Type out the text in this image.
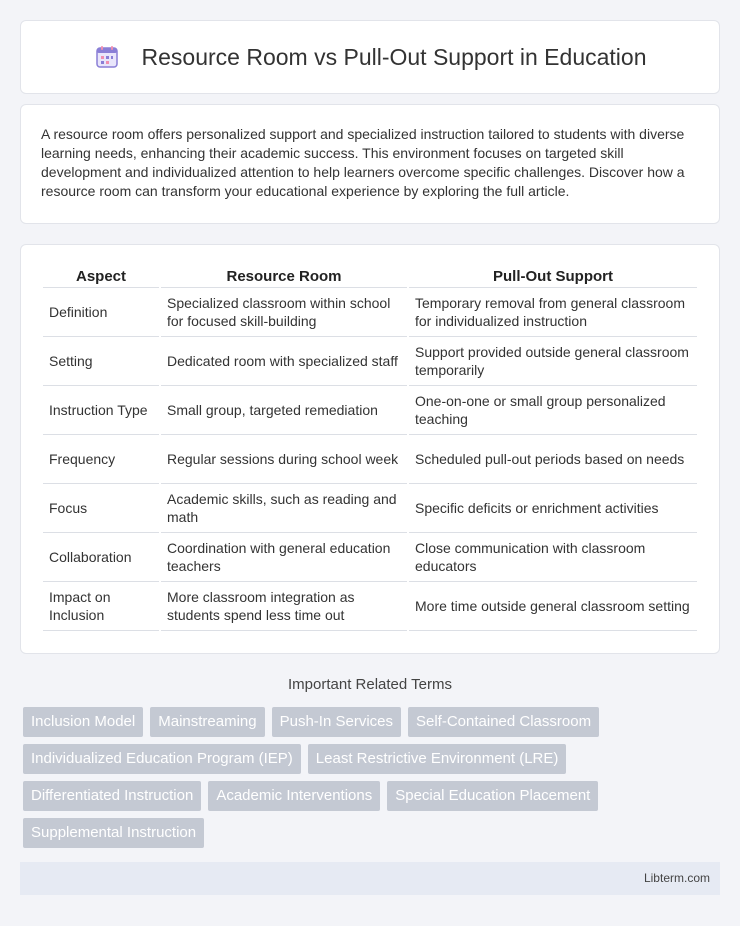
Resource Room vs Pull-Out Support in Education

A resource room offers personalized support and specialized instruction tailored to students with diverse learning needs, enhancing their academic success. This environment focuses on targeted skill development and individualized attention to help learners overcome specific challenges. Discover how a resource room can transform your educational experience by exploring the full article.

Aspect	Resource Room	Pull-Out Support
Definition	Specialized classroom within school for focused skill-building	Temporary removal from general classroom for individualized instruction
Setting	Dedicated room with specialized staff	Support provided outside general classroom temporarily
Instruction Type	Small group, targeted remediation	One-on-one or small group personalized teaching
Frequency	Regular sessions during school week	Scheduled pull-out periods based on needs
Focus	Academic skills, such as reading and math	Specific deficits or enrichment activities
Collaboration	Coordination with general education teachers	Close communication with classroom educators
Impact on Inclusion	More classroom integration as students spend less time out	More time outside general classroom setting
Important Related Terms
Inclusion Model	Mainstreaming	Push-In Services	Self-Contained Classroom
Individualized Education Program (IEP)	Least Restrictive Environment (LRE)
Differentiated Instruction	Academic Interventions	Special Education Placement
Supplemental Instruction
Libterm.com
